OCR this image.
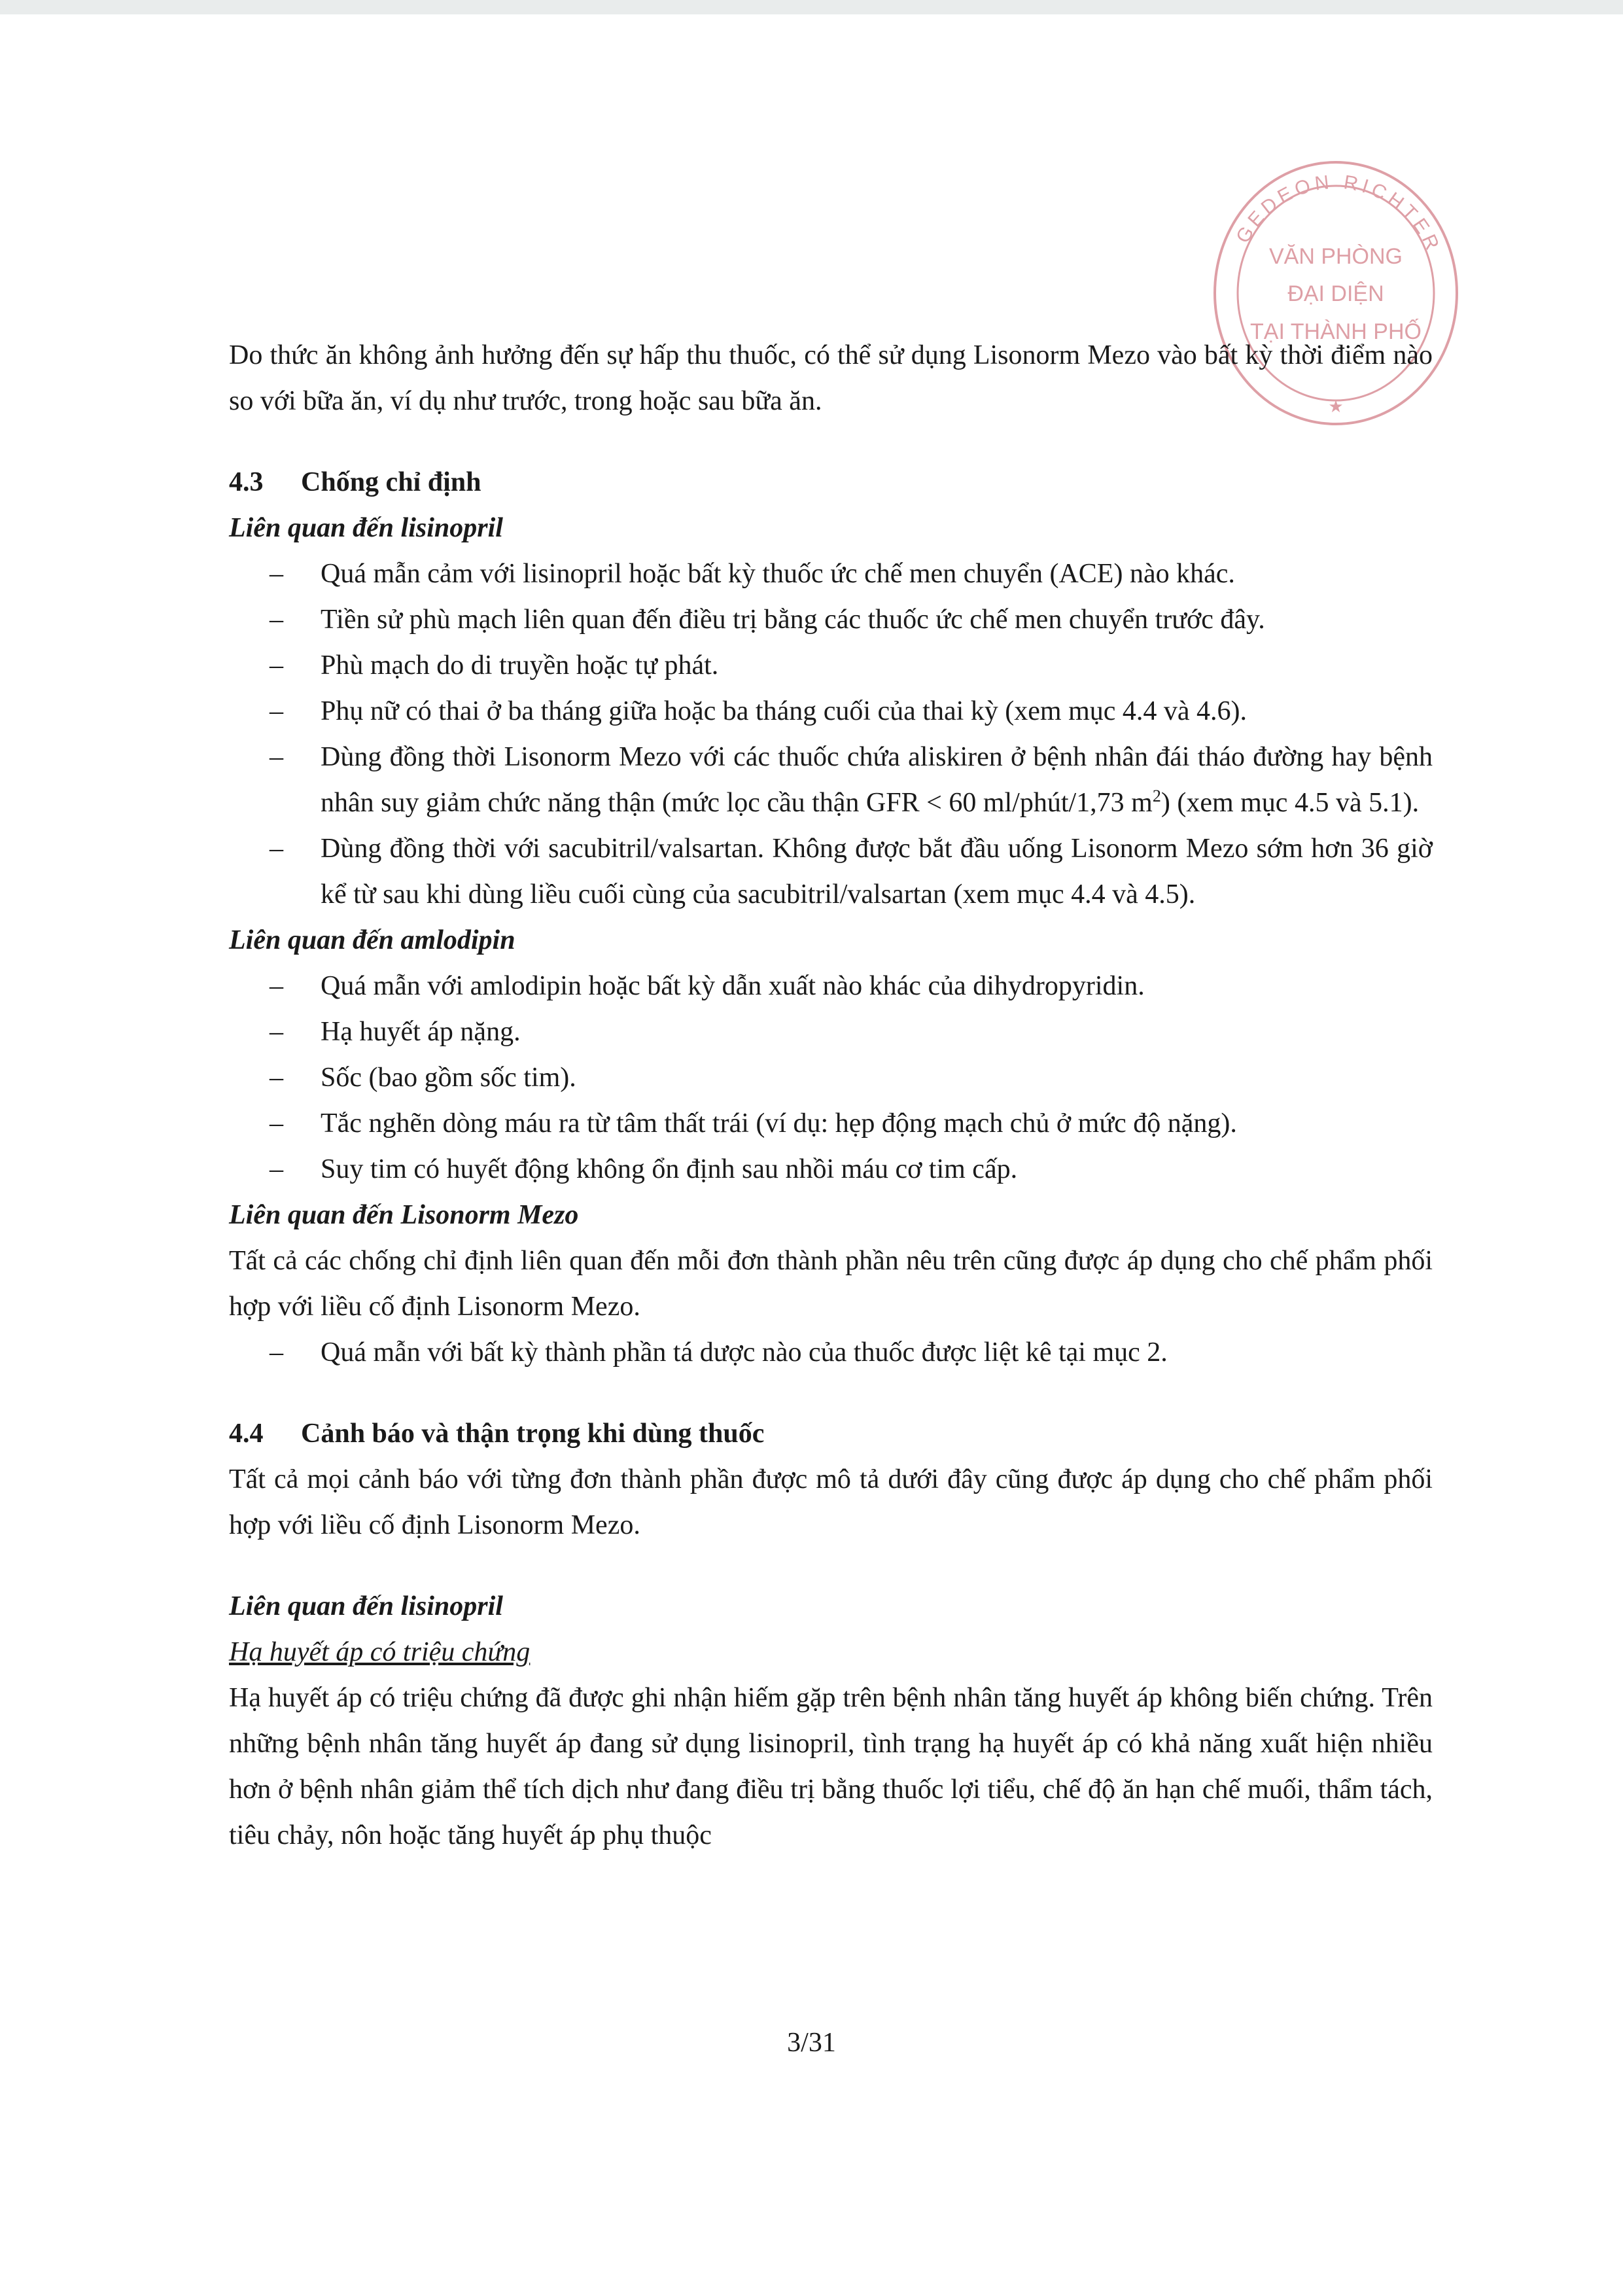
GEDEON RICHTER
VĂN PHÒNG
ĐẠI DIỆN
TẠI THÀNH PHỐ
★

Do thức ăn không ảnh hưởng đến sự hấp thu thuốc, có thể sử dụng Lisonorm Mezo vào bất kỳ thời điểm nào so với bữa ăn, ví dụ như trước, trong hoặc sau bữa ăn.

4.3 Chống chỉ định

Liên quan đến lisinopril

– Quá mẫn cảm với lisinopril hoặc bất kỳ thuốc ức chế men chuyển (ACE) nào khác.

– Tiền sử phù mạch liên quan đến điều trị bằng các thuốc ức chế men chuyển trước đây.

– Phù mạch do di truyền hoặc tự phát.

– Phụ nữ có thai ở ba tháng giữa hoặc ba tháng cuối của thai kỳ (xem mục 4.4 và 4.6).

– Dùng đồng thời Lisonorm Mezo với các thuốc chứa aliskiren ở bệnh nhân đái tháo đường hay bệnh nhân suy giảm chức năng thận (mức lọc cầu thận GFR < 60 ml/phút/1,73 $m^2$) (xem mục 4.5 và 5.1).

– Dùng đồng thời với sacubitril/valsartan. Không được bắt đầu uống Lisonorm Mezo sớm hơn 36 giờ kể từ sau khi dùng liều cuối cùng của sacubitril/valsartan (xem mục 4.4 và 4.5).

Liên quan đến amlodipin

– Quá mẫn với amlodipin hoặc bất kỳ dẫn xuất nào khác của dihydropyridin.

– Hạ huyết áp nặng.

– Sốc (bao gồm sốc tim).

– Tắc nghẽn dòng máu ra từ tâm thất trái (ví dụ: hẹp động mạch chủ ở mức độ nặng).

– Suy tim có huyết động không ổn định sau nhồi máu cơ tim cấp.

Liên quan đến Lisonorm Mezo

Tất cả các chống chỉ định liên quan đến mỗi đơn thành phần nêu trên cũng được áp dụng cho chế phẩm phối hợp với liều cố định Lisonorm Mezo.

– Quá mẫn với bất kỳ thành phần tá dược nào của thuốc được liệt kê tại mục 2.

4.4 Cảnh báo và thận trọng khi dùng thuốc

Tất cả mọi cảnh báo với từng đơn thành phần được mô tả dưới đây cũng được áp dụng cho chế phẩm phối hợp với liều cố định Lisonorm Mezo.

Liên quan đến lisinopril

Hạ huyết áp có triệu chứng

Hạ huyết áp có triệu chứng đã được ghi nhận hiếm gặp trên bệnh nhân tăng huyết áp không biến chứng. Trên những bệnh nhân tăng huyết áp đang sử dụng lisinopril, tình trạng hạ huyết áp có khả năng xuất hiện nhiều hơn ở bệnh nhân giảm thể tích dịch như đang điều trị bằng thuốc lợi tiểu, chế độ ăn hạn chế muối, thẩm tách, tiêu chảy, nôn hoặc tăng huyết áp phụ thuộc

3/31
